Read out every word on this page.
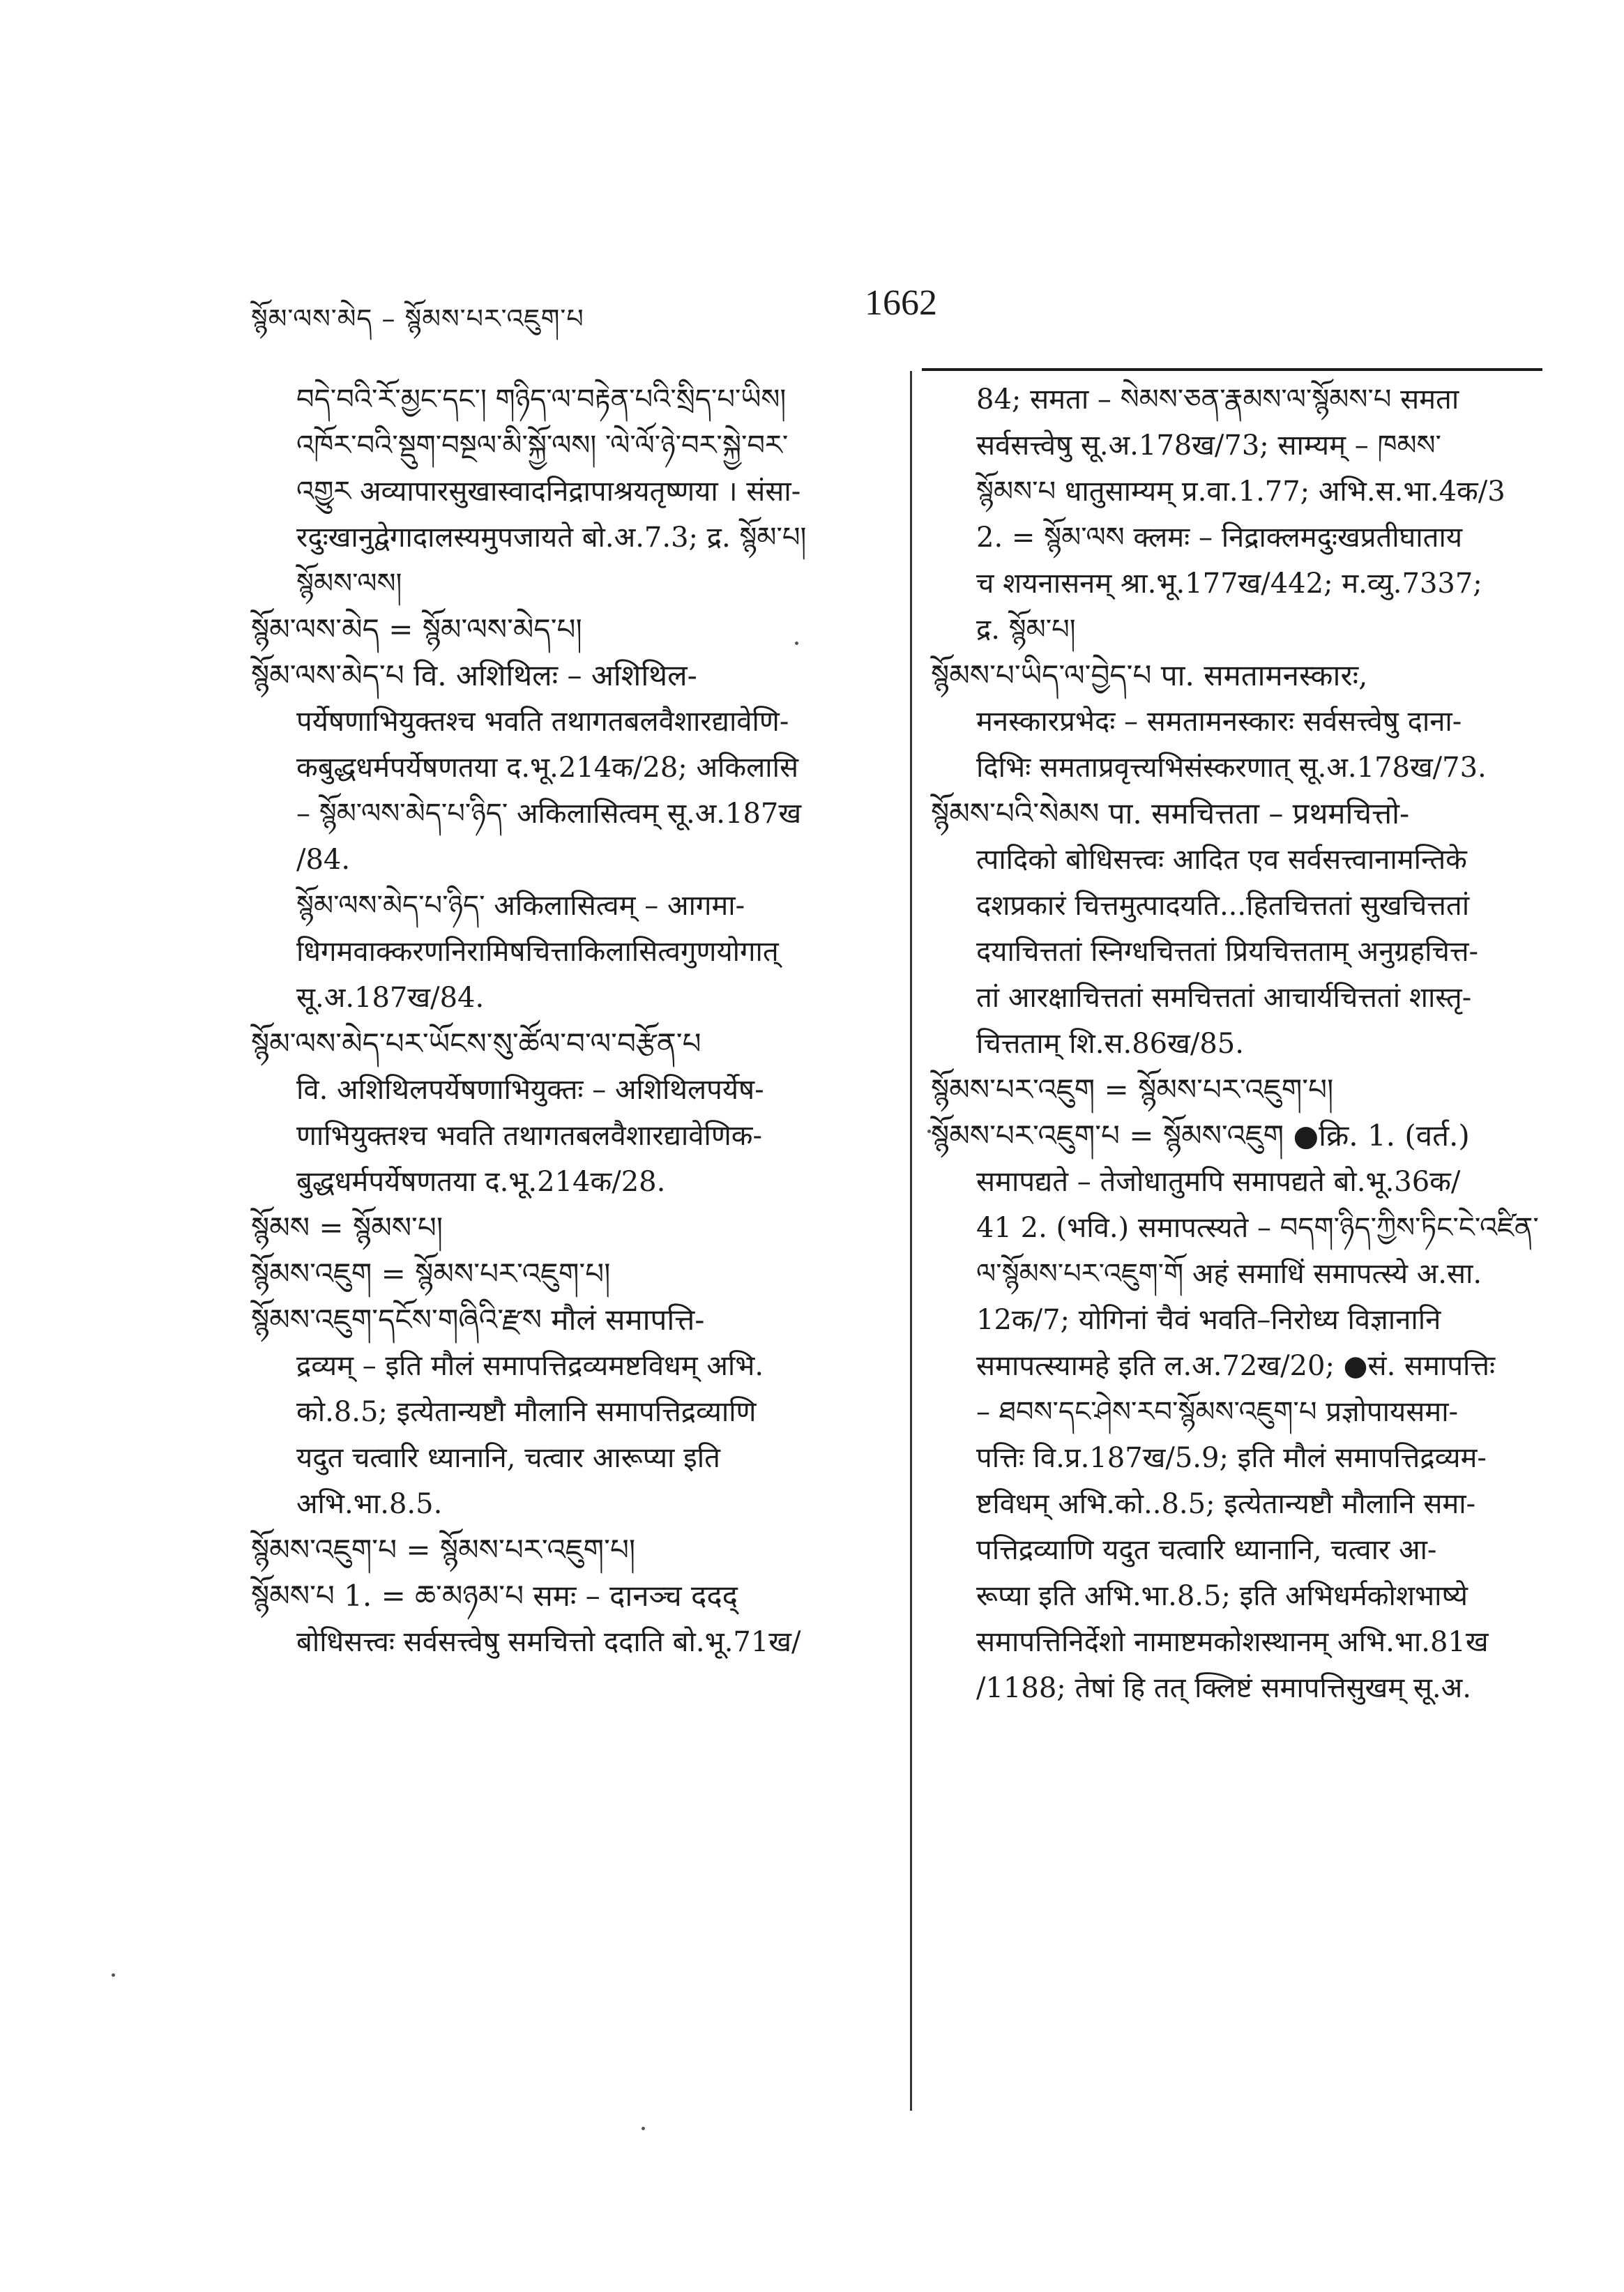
སྙོམ་ལས་མེད – སྙོམས་པར་འཇུག་པ	1662
བདེ་བའི་རོ་མྱང་དང་། གཉིད་ལ་བརྟེན་པའི་སྲིད་པ་ཡིས།
འཁོར་བའི་སྡུག་བསྔལ་མི་སྐྱོ་ལས། ་ལེ་ལོ་ཉེ་བར་སྐྱེ་བར་
འགྱུར अव्यापारसुखास्वादनिद्रापाश्रयतृष्णया । संसा-
रदुःखानुद्वेगादालस्यमुपजायते बो.अ.7.3; द्र. སྙོམ་པ།
སྙོམས་ལས།
སྙོམ་ལས་མེད = སྙོམ་ལས་མེད་པ།
སྙོམ་ལས་མེད་པ वि. अशिथिलः – अशिथिल-
पर्येषणाभियुक्तश्च भवति तथागतबलवैशारद्यावेणि-
कबुद्धधर्मपर्येषणतया द.भू.214क/28; अकिलासि
– སྙོམ་ལས་མེད་པ་ཉིད་ अकिलासित्वम् सू.अ.187ख
/84.
སྙོམ་ལས་མེད་པ་ཉིད་ अकिलासित्वम् – आगमा-
धिगमवाक्करणनिरामिषचित्ताकिलासित्वगुणयोगात्
सू.अ.187ख/84.
སྙོམ་ལས་མེད་པར་ཡོངས་སུ་ཚོལ་བ་ལ་བརྩོན་པ
वि. अशिथिलपर्येषणाभियुक्तः – अशिथिलपर्येष-
णाभियुक्तश्च भवति तथागतबलवैशारद्यावेणिक-
बुद्धधर्मपर्येषणतया द.भू.214क/28.
སྙོམས = སྙོམས་པ།
སྙོམས་འཇུག = སྙོམས་པར་འཇུག་པ།
སྙོམས་འཇུག་དངོས་གཞིའི་རྫས मौलं समापत्ति-
द्रव्यम् – इति मौलं समापत्तिद्रव्यमष्टविधम् अभि.
को.8.5; इत्येतान्यष्टौ मौलानि समापत्तिद्रव्याणि
यदुत चत्वारि ध्यानानि, चत्वार आरूप्या इति
अभि.भा.8.5.
སྙོམས་འཇུག་པ = སྙོམས་པར་འཇུག་པ།
སྙོམས་པ 1. = ཆ་མཉམ་པ समः – दानञ्च ददद्
बोधिसत्त्वः सर्वसत्त्वेषु समचित्तो ददाति बो.भू.71ख/
84; समता – སེམས་ཅན་རྣམས་ལ་སྙོམས་པ समता
सर्वसत्त्वेषु सू.अ.178ख/73; साम्यम् – ཁམས་
སྙོམས་པ धातुसाम्यम् प्र.वा.1.77; अभि.स.भा.4क/3
2. = སྙོམ་ལས क्लमः – निद्राक्लमदुःखप्रतीघाताय
च शयनासनम् श्रा.भू.177ख/442; म.व्यु.7337;
द्र. སྙོམ་པ།
སྙོམས་པ་ཡིད་ལ་བྱེད་པ पा. समतामनस्कारः,
मनस्कारप्रभेदः – समतामनस्कारः सर्वसत्त्वेषु दाना-
दिभिः समताप्रवृत्त्यभिसंस्करणात् सू.अ.178ख/73.
སྙོམས་པའི་སེམས पा. समचित्तता – प्रथमचित्तो-
त्पादिको बोधिसत्त्वः आदित एव सर्वसत्त्वानामन्तिके
दशप्रकारं चित्तमुत्पादयति...हितचित्ततां सुखचित्ततां
दयाचित्ततां स्निग्धचित्ततां प्रियचित्तताम् अनुग्रहचित्त-
तां आरक्षाचित्ततां समचित्ततां आचार्यचित्ततां शास्तृ-
चित्तताम् शि.स.86ख/85.
སྙོམས་པར་འཇུག = སྙོམས་པར་འཇུག་པ།
སྙོམས་པར་འཇུག་པ = སྙོམས་འཇུག ●क्रि. 1. (वर्त.)
समापद्यते – तेजोधातुमपि समापद्यते बो.भू.36क/
41 2. (भवि.) समापत्स्यते – བདག་ཉིད་ཀྱིས་ཏིང་ངེ་འཛིན་
ལ་སྙོམས་པར་འཇུག་གོ अहं समाधिं समापत्स्ये अ.सा.
12क/7; योगिनां चैवं भवति–निरोध्य विज्ञानानि
समापत्स्यामहे इति ल.अ.72ख/20; ●सं. समापत्तिः
– ཐབས་དང་ཤེས་རབ་སྙོམས་འཇུག་པ प्रज्ञोपायसमा-
पत्तिः वि.प्र.187ख/5.9; इति मौलं समापत्तिद्रव्यम-
ष्टविधम् अभि.को..8.5; इत्येतान्यष्टौ मौलानि समा-
पत्तिद्रव्याणि यदुत चत्वारि ध्यानानि, चत्वार आ-
रूप्या इति अभि.भा.8.5; इति अभिधर्मकोशभाष्ये
समापत्तिनिर्देशो नामाष्टमकोशस्थानम् अभि.भा.81ख
/1188; तेषां हि तत् क्लिष्टं समापत्तिसुखम् सू.अ.
